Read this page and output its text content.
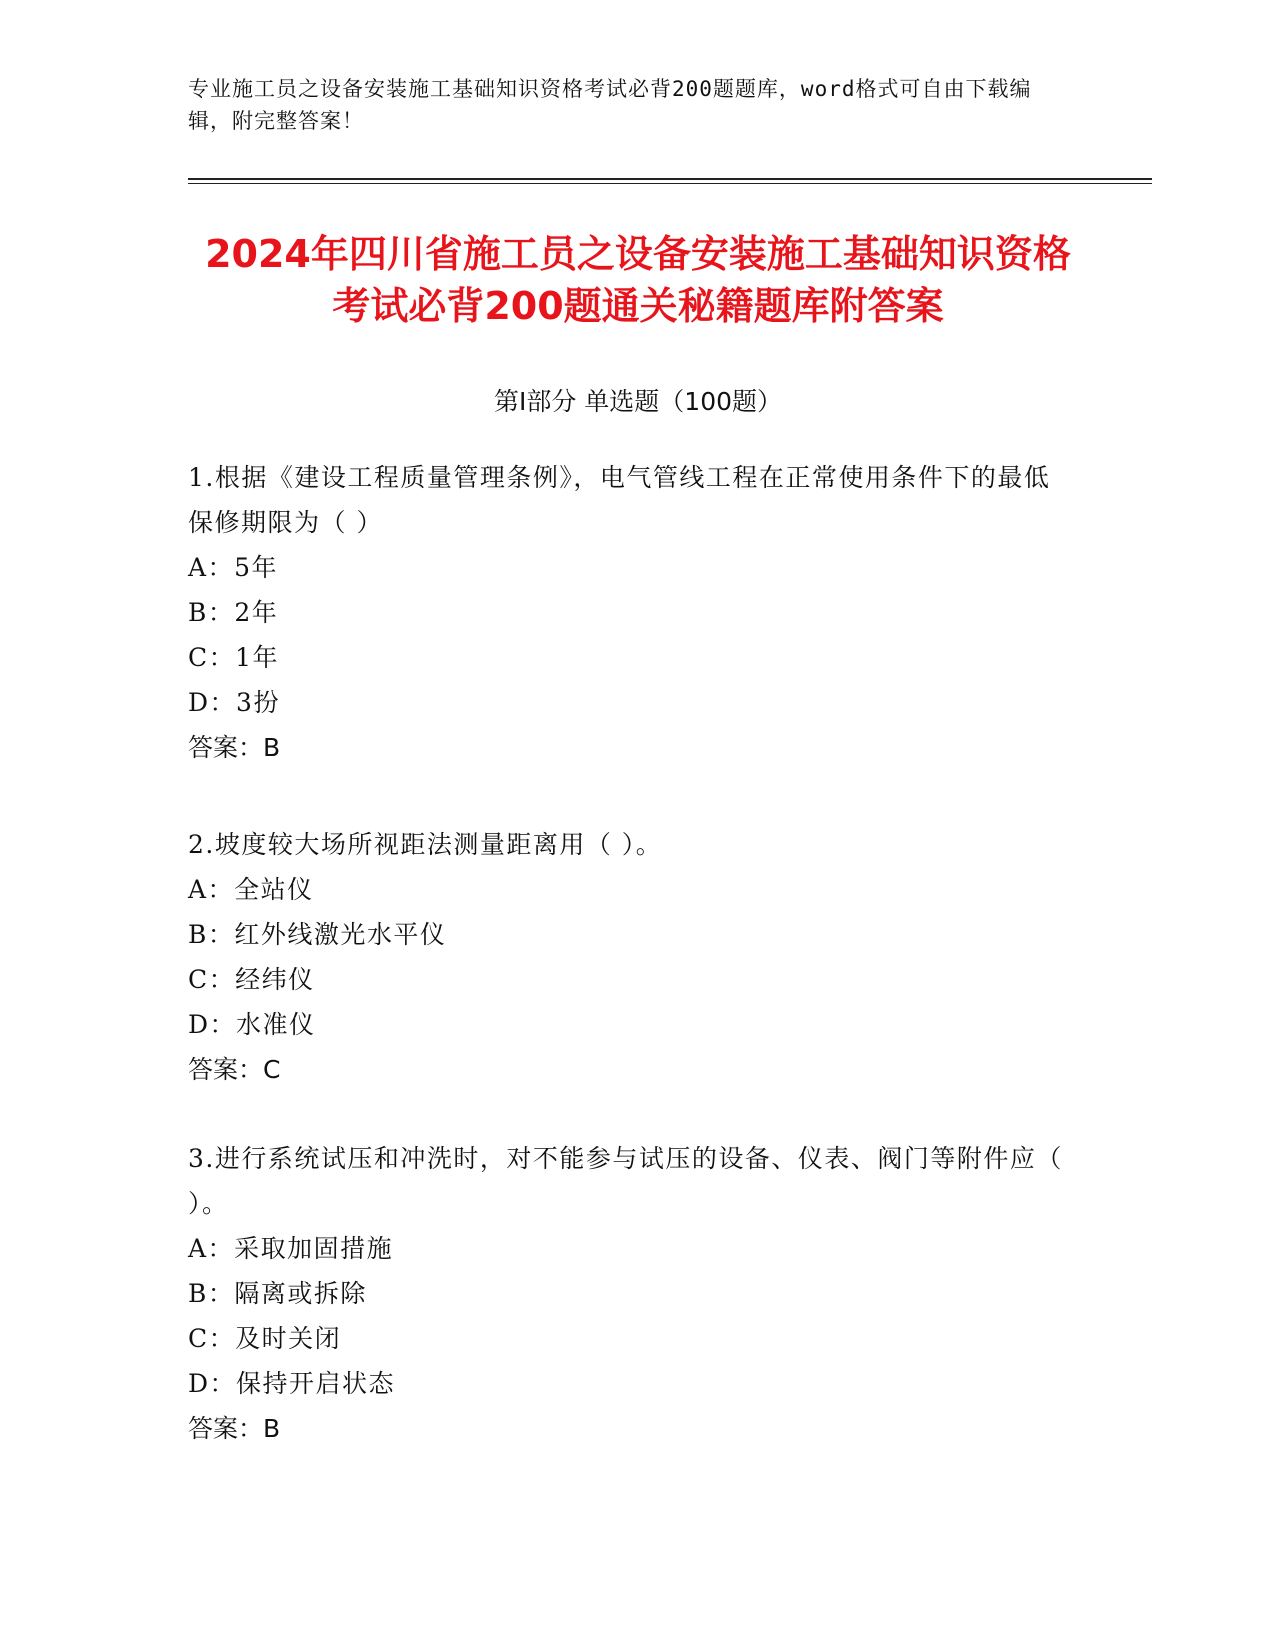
专业施工员之设备安装施工基础知识资格考试必背200题题库，word格式可自由下载编辑，附完整答案！
2024年四川省施工员之设备安装施工基础知识资格考试必背200题通关秘籍题库附答案
第Ⅰ部分 单选题（100题）
1.根据《建设工程质量管理条例》，电气管线工程在正常使用条件下的最低保修期限为（ ）
A：5年
B：2年
C：1年
D：3扮
答案：B
2.坡度较大场所视距法测量距离用（ ）。
A：全站仪
B：红外线激光水平仪
C：经纬仪
D：水准仪
答案：C
3.进行系统试压和冲洗时，对不能参与试压的设备、仪表、阀门等附件应（ ）。
A：采取加固措施
B：隔离或拆除
C：及时关闭
D：保持开启状态
答案：B
